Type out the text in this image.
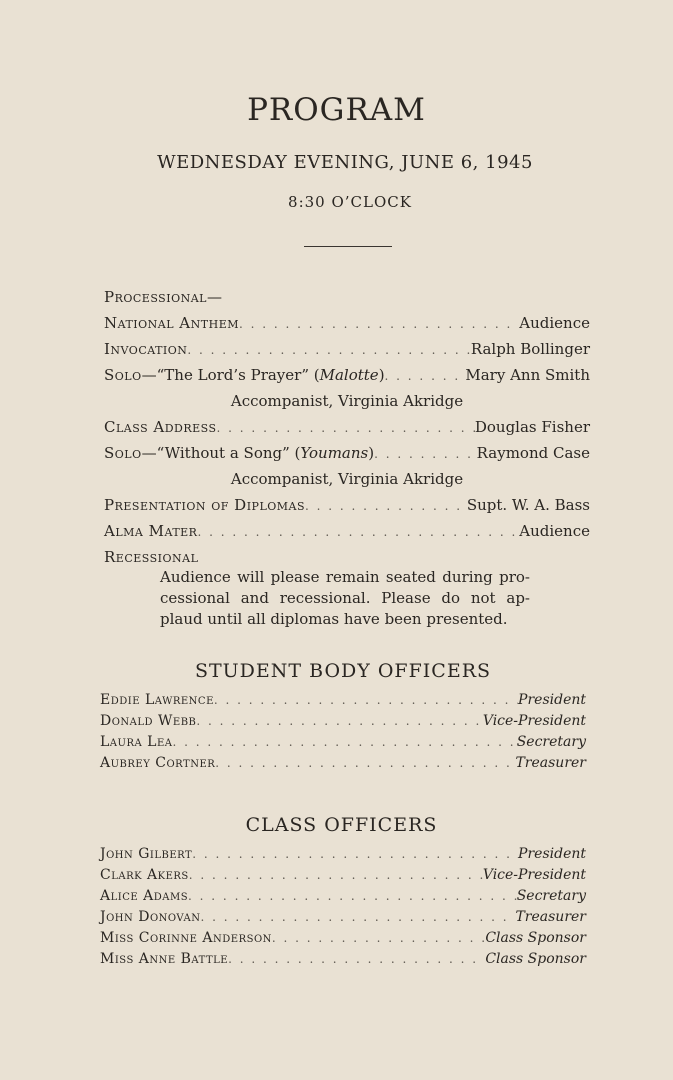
PROGRAM
WEDNESDAY EVENING, JUNE 6, 1945
8:30 O’CLOCK
Processional—
National Anthem . . .	Audience
Invocation . . .	Ralph Bollinger
Solo—“The Lord’s Prayer” (Malotte) . . .	Mary Ann Smith
Accompanist, Virginia Akridge
Class Address . . .	Douglas Fisher
Solo—“Without a Song” (Youmans) . . .	Raymond Case
Accompanist, Virginia Akridge
Presentation of Diplomas . . .	Supt. W. A. Bass
Alma Mater . . .	Audience
Recessional
Audience will please remain seated during pro-cessional and recessional. Please do not ap-plaud until all diplomas have been presented.
STUDENT BODY OFFICERS
Eddie Lawrence . . .	President
Donald Webb . . .	Vice-President
Laura Lea . . .	Secretary
Aubrey Cortner . . .	Treasurer
CLASS OFFICERS
John Gilbert . . .	President
Clark Akers . . .	Vice-President
Alice Adams . . .	Secretary
John Donovan . . .	Treasurer
Miss Corinne Anderson . . .	Class Sponsor
Miss Anne Battle . . .	Class Sponsor
